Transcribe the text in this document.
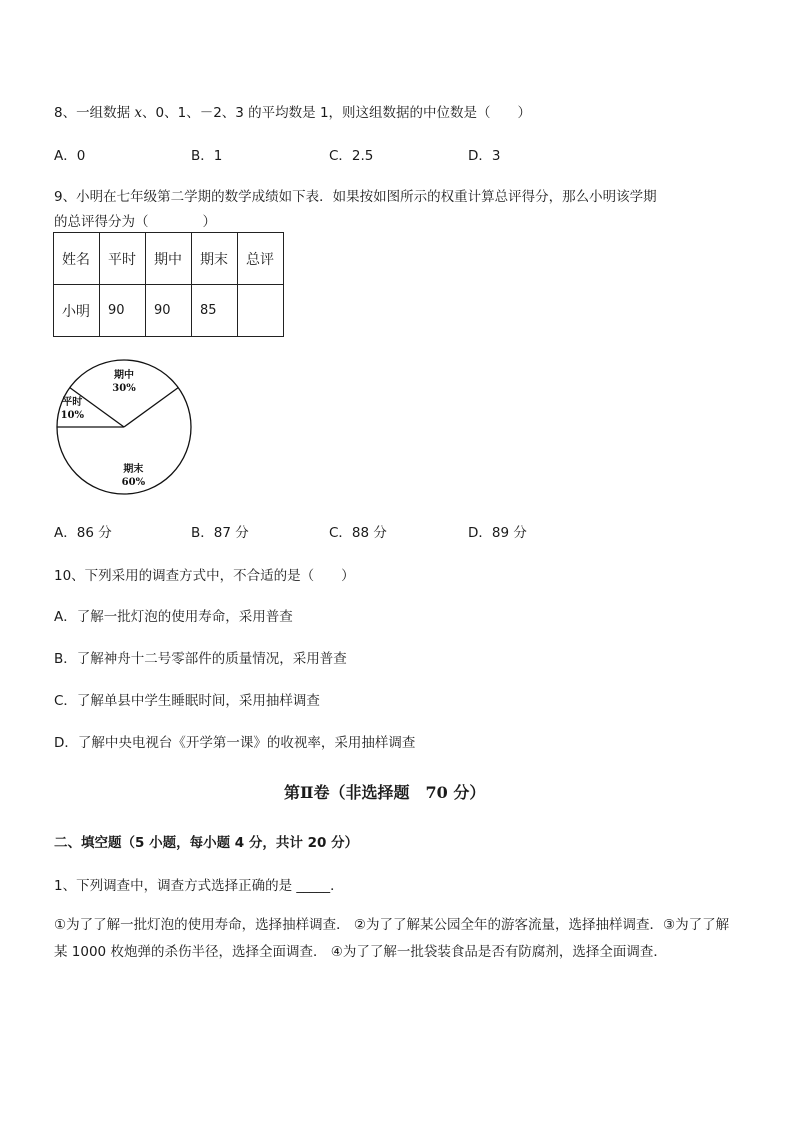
8、一组数据 x、0、1、－2、3 的平均数是 1，则这组数据的中位数是（　　）
A．0	B．1	C．2.5	D．3
9、小明在七年级第二学期的数学成绩如下表．如果按如图所示的权重计算总评得分，那么小明该学期
的总评得分为（　　　　）
姓名	平时	期中	期末	总评
小明	90	90	85	
平时
10%
期中
30%
期末
60%
A．86 分	B．87 分	C．88 分	D．89 分
10、下列采用的调查方式中，不合适的是（　　）
A．了解一批灯泡的使用寿命，采用普查
B．了解神舟十二号零部件的质量情况，采用普查
C．了解单县中学生睡眠时间，采用抽样调查
D．了解中央电视台《开学第一课》的收视率，采用抽样调查
第Ⅱ卷（非选择题　70 分）
二、填空题（5 小题，每小题 4 分，共计 20 分）
1、下列调查中，调查方式选择正确的是 _____．
①为了了解一批灯泡的使用寿命，选择抽样调查． ②为了了解某公园全年的游客流量，选择抽样调查．③为了了解某 1000 枚炮弹的杀伤半径，选择全面调查． ④为了了解一批袋装食品是否有防腐剂，选择全面调查．
